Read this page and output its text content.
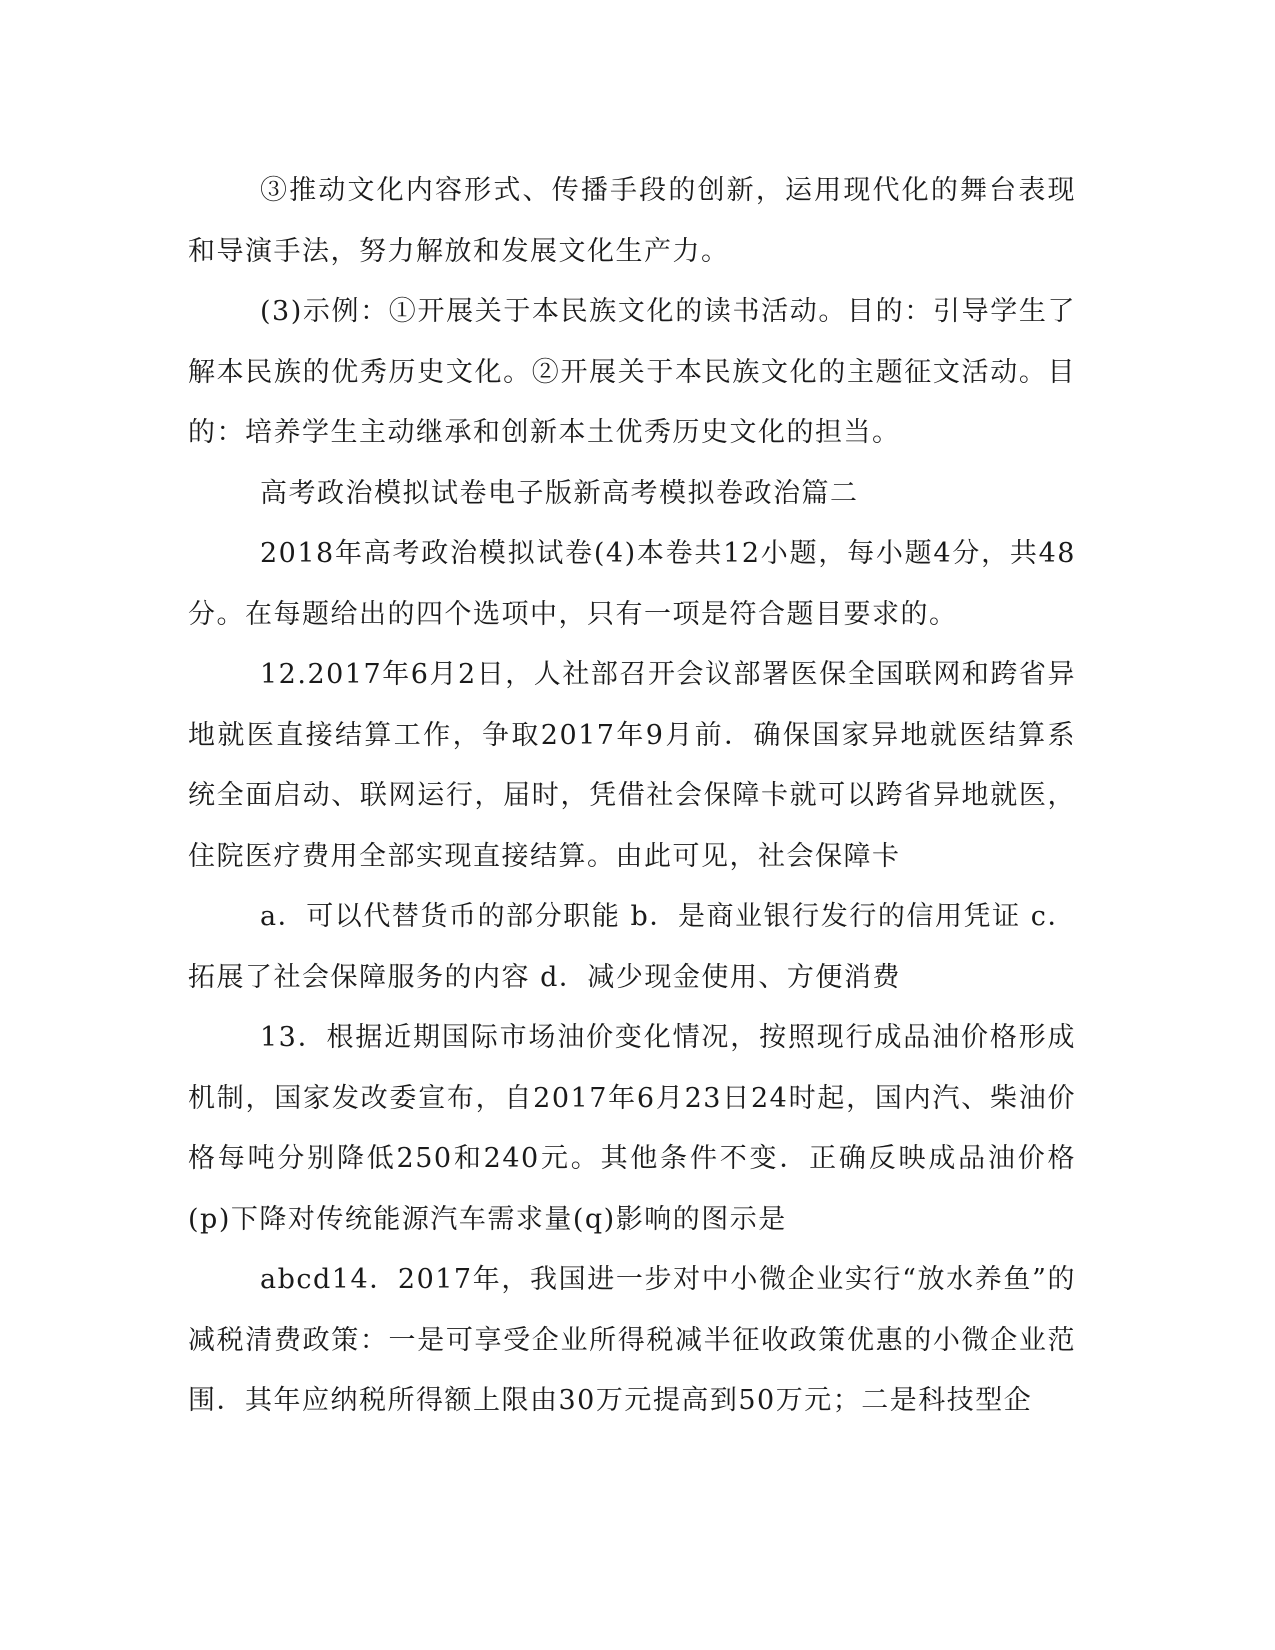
③推动文化内容形式、传播手段的创新，运用现代化的舞台表现和导演手法，努力解放和发展文化生产力。

(3)示例：①开展关于本民族文化的读书活动。目的：引导学生了解本民族的优秀历史文化。②开展关于本民族文化的主题征文活动。目的：培养学生主动继承和创新本土优秀历史文化的担当。

高考政治模拟试卷电子版新高考模拟卷政治篇二

2018年高考政治模拟试卷(4)本卷共12小题，每小题4分，共48分。在每题给出的四个选项中，只有一项是符合题目要求的。

12.2017年6月2日，人社部召开会议部署医保全国联网和跨省异地就医直接结算工作，争取2017年9月前．确保国家异地就医结算系统全面启动、联网运行，届时，凭借社会保障卡就可以跨省异地就医，住院医疗费用全部实现直接结算。由此可见，社会保障卡

a．可以代替货币的部分职能 b．是商业银行发行的信用凭证 c．拓展了社会保障服务的内容 d．减少现金使用、方便消费

13．根据近期国际市场油价变化情况，按照现行成品油价格形成机制，国家发改委宣布，自2017年6月23日24时起，国内汽、柴油价格每吨分别降低250和240元。其他条件不变．正确反映成品油价格(p)下降对传统能源汽车需求量(q)影响的图示是

abcd14．2017年，我国进一步对中小微企业实行“放水养鱼”的减税清费政策：一是可享受企业所得税减半征收政策优惠的小微企业范围．其年应纳税所得额上限由30万元提高到50万元；二是科技型企
